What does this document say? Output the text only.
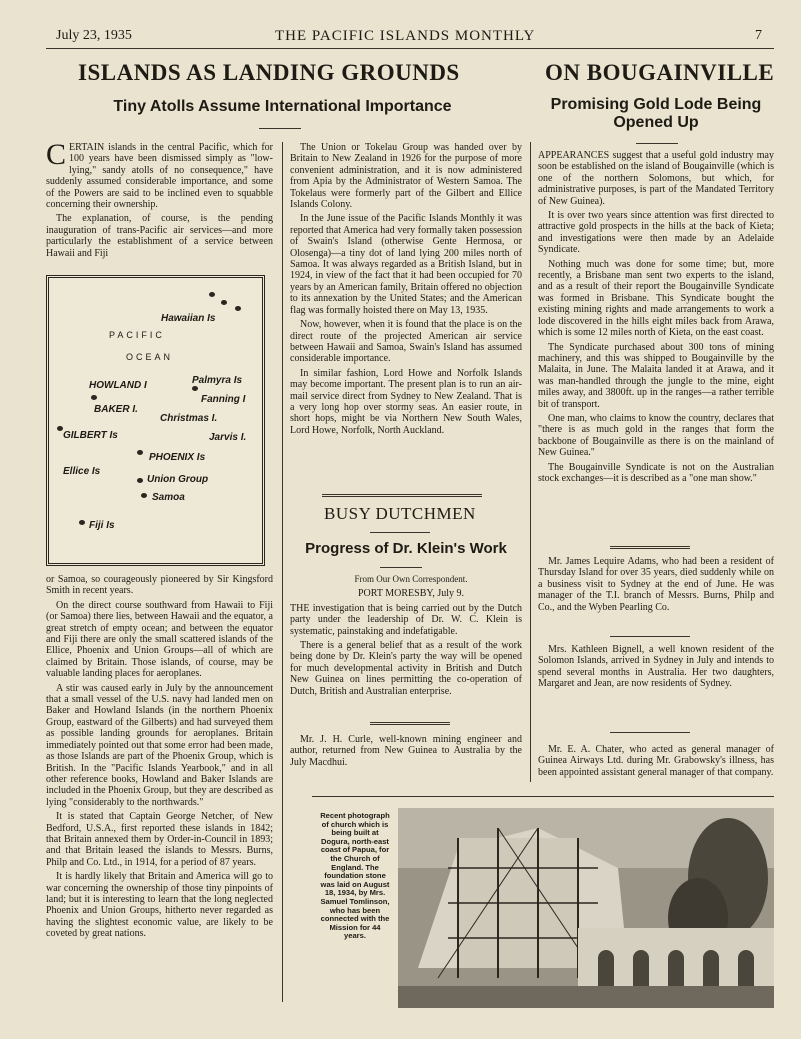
July 23, 1935	THE PACIFIC ISLANDS MONTHLY	7
ISLANDS AS LANDING GROUNDS
Tiny Atolls Assume International Importance

CERTAIN islands in the central Pacific, which for 100 years have been dismissed simply as "low-lying," sandy atolls of no consequence," have suddenly assumed considerable importance, and some of the Powers are said to be inclined even to squabble concerning their ownership.

The explanation, of course, is the pending inauguration of trans-Pacific air services—and more particularly the establishment of a service between Hawaii and Fiji

PACIFIC
OCEAN
Hawaiian Is
HOWLAND I
BAKER I.
Palmyra Is
Fanning I
Christmas I.
GILBERT Is	Jarvis I.
PHOENIX Is
Ellice Is
Union Group
Samoa
Fiji Is

or Samoa, so courageously pioneered by Sir Kingsford Smith in recent years.

On the direct course southward from Hawaii to Fiji (or Samoa) there lies, between Hawaii and the equator, a great stretch of empty ocean; and between the equator and Fiji there are only the small scattered islands of the Ellice, Phoenix and Union Groups—all of which are claimed by Britain. Those islands, of course, may be valuable landing places for aeroplanes.

A stir was caused early in July by the announcement that a small vessel of the U.S. navy had landed men on Baker and Howland Islands (in the northern Phoenix Group, eastward of the Gilberts) and had surveyed them as possible landing grounds for aeroplanes. Britain immediately pointed out that some error had been made, as those Islands are part of the Phoenix Group, which is British. In the "Pacific Islands Yearbook," and in all other reference books, Howland and Baker Islands are included in the Phoenix Group, but they are described as lying "considerably to the northwards."

It is stated that Captain George Netcher, of New Bedford, U.S.A., first reported these islands in 1842; that Britain annexed them by Order-in-Council in 1893; and that Britain leased the islands to Messrs. Burns, Philp and Co. Ltd., in 1914, for a period of 87 years.

It is hardly likely that Britain and America will go to war concerning the ownership of those tiny pinpoints of land; but it is interesting to learn that the long neglected Phoenix and Union Groups, hitherto never regarded as having the slightest economic value, are likely to be coveted by great nations.

The Union or Tokelau Group was handed over by Britain to New Zealand in 1926 for the purpose of more convenient administration, and it is now administered from Apia by the Administrator of Western Samoa. The Tokelaus were formerly part of the Gilbert and Ellice Islands Colony.

In the June issue of the Pacific Islands Monthly it was reported that America had very formally taken possession of Swain's Island (otherwise Gente Hermosa, or Olosenga)—a tiny dot of land lying 200 miles north of Samoa. It was always regarded as a British Island, but in 1924, in view of the fact that it had been occupied for 70 years by an American family, Britain offered no objection to its annexation by the United States; and the American flag was formally hoisted there on May 13, 1935.

Now, however, when it is found that the place is on the direct route of the projected American air service between Hawaii and Samoa, Swain's Island has assumed considerable importance.

In similar fashion, Lord Howe and Norfolk Islands may become important. The present plan is to run an air-mail service direct from Sydney to New Zealand. That is a very long hop over stormy seas. An easier route, in short hops, might be via Northern New South Wales, Lord Howe, Norfolk, North Auckland.

BUSY DUTCHMEN
Progress of Dr. Klein's Work

From Our Own Correspondent.

PORT MORESBY, July 9.

THE investigation that is being carried out by the Dutch party under the leadership of Dr. W. C. Klein is systematic, painstaking and indefatigable.

There is a general belief that as a result of the work being done by Dr. Klein's party the way will be opened for much developmental activity in British and Dutch New Guinea on lines permitting the co-operation of Dutch, British and Australian enterprise.

Mr. J. H. Curle, well-known mining engineer and author, returned from New Guinea to Australia by the July Macdhui.

ON BOUGAINVILLE
Promising Gold Lode Being Opened Up

APPEARANCES suggest that a useful gold industry may soon be established on the island of Bougainville (which is one of the northern Solomons, but which, for administrative purposes, is part of the Mandated Territory of New Guinea).

It is over two years since attention was first directed to attractive gold prospects in the hills at the back of Kieta; and investigations were then made by an Adelaide Syndicate.

Nothing much was done for some time; but, more recently, a Brisbane man sent two experts to the island, and as a result of their report the Bougainville Syndicate was formed in Brisbane. This Syndicate bought the existing mining rights and made arrangements to work a lode discovered in the hills eight miles back from Arawa, which is some 12 miles north of Kieta, on the east coast.

The Syndicate purchased about 300 tons of mining machinery, and this was shipped to Bougainville by the Malaita, in June. The Malaita landed it at Arawa, and it was man-handled through the jungle to the mine, eight miles away, and 3800ft. up in the ranges—a rather terrible bit of transport.

One man, who claims to know the country, declares that "there is as much gold in the ranges that form the backbone of Bougainville as there is on the mainland of New Guinea."

The Bougainville Syndicate is not on the Australian stock exchanges—it is described as a "one man show."

Mr. James Lequire Adams, who had been a resident of Thursday Island for over 35 years, died suddenly while on a business visit to Sydney at the end of June. He was manager of the T.I. branch of Messrs. Burns, Philp and Co., and the Wyben Pearling Co.

Mrs. Kathleen Bignell, a well known resident of the Solomon Islands, arrived in Sydney in July and intends to spend several months in Australia. Her two daughters, Margaret and Jean, are now residents of Sydney.

Mr. E. A. Chater, who acted as general manager of Guinea Airways Ltd. during Mr. Grabowsky's illness, has been appointed assistant general manager of that company.

Recent photograph of church which is being built at Dogura, north-east coast of Papua, for the Church of England. The foundation stone was laid on August 18, 1934, by Mrs. Samuel Tomlinson, who has been connected with the Mission for 44 years.
